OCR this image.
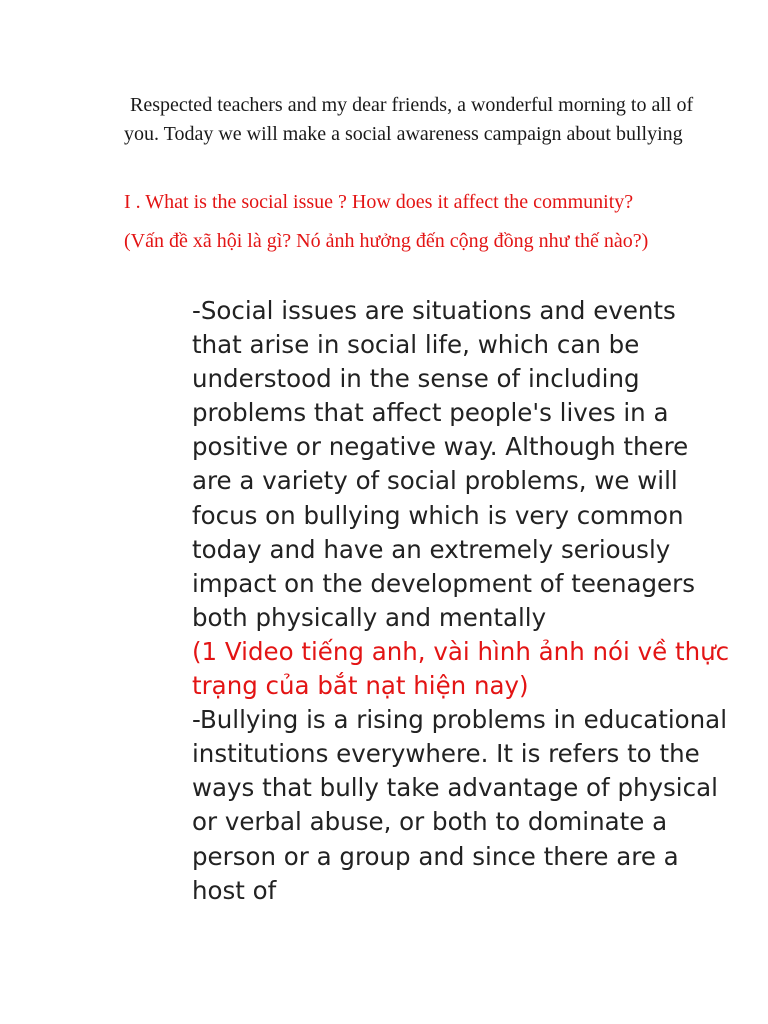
Respected teachers and my dear friends, a wonderful morning to all of you. Today we will make a social awareness campaign about bullying

I . What is the social issue ? How does it affect the community?

(Vấn đề xã hội là gì? Nó ảnh hưởng đến cộng đồng như thế nào?)

-Social issues are situations and events that arise in social life, which can be understood in the sense of including problems that affect people's lives in a positive or negative way. Although there are a variety of social problems, we will focus on bullying which is very common today and have an extremely seriously impact on the development of teenagers both physically and mentally

(1 Video tiếng anh, vài hình ảnh nói về thực trạng của bắt nạt hiện nay)

-Bullying is a rising problems in educational institutions everywhere. It is refers to the ways that bully take advantage of physical or verbal abuse, or both to dominate a person or a group and since there are a host of
